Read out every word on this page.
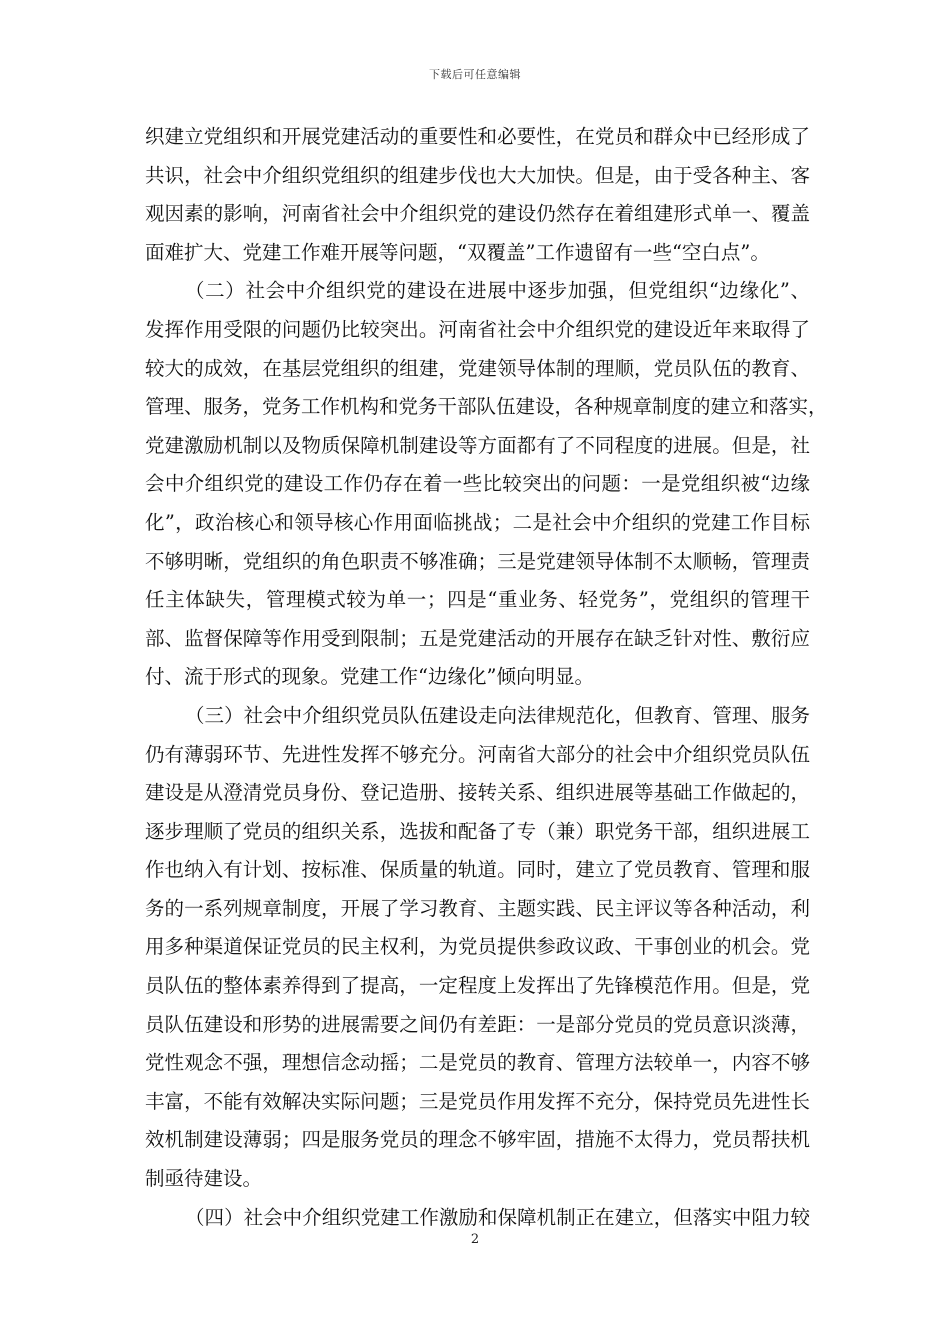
下载后可任意编辑
织建立党组织和开展党建活动的重要性和必要性，在党员和群众中已经形成了
共识，社会中介组织党组织的组建步伐也大大加快。但是，由于受各种主、客
观因素的影响，河南省社会中介组织党的建设仍然存在着组建形式单一、覆盖
面难扩大、党建工作难开展等问题，“双覆盖”工作遗留有一些“空白点”。
（二）社会中介组织党的建设在进展中逐步加强，但党组织“边缘化”、
发挥作用受限的问题仍比较突出。河南省社会中介组织党的建设近年来取得了
较大的成效，在基层党组织的组建，党建领导体制的理顺，党员队伍的教育、
管理、服务，党务工作机构和党务干部队伍建设，各种规章制度的建立和落实，
党建激励机制以及物质保障机制建设等方面都有了不同程度的进展。但是，社
会中介组织党的建设工作仍存在着一些比较突出的问题：一是党组织被“边缘
化”，政治核心和领导核心作用面临挑战；二是社会中介组织的党建工作目标
不够明晰，党组织的角色职责不够准确；三是党建领导体制不太顺畅，管理责
任主体缺失，管理模式较为单一；四是“重业务、轻党务”，党组织的管理干
部、监督保障等作用受到限制；五是党建活动的开展存在缺乏针对性、敷衍应
付、流于形式的现象。党建工作“边缘化”倾向明显。
（三）社会中介组织党员队伍建设走向法律规范化，但教育、管理、服务
仍有薄弱环节、先进性发挥不够充分。河南省大部分的社会中介组织党员队伍
建设是从澄清党员身份、登记造册、接转关系、组织进展等基础工作做起的，
逐步理顺了党员的组织关系，选拔和配备了专（兼）职党务干部，组织进展工
作也纳入有计划、按标准、保质量的轨道。同时，建立了党员教育、管理和服
务的一系列规章制度，开展了学习教育、主题实践、民主评议等各种活动，利
用多种渠道保证党员的民主权利，为党员提供参政议政、干事创业的机会。党
员队伍的整体素养得到了提高，一定程度上发挥出了先锋模范作用。但是，党
员队伍建设和形势的进展需要之间仍有差距：一是部分党员的党员意识淡薄，
党性观念不强，理想信念动摇；二是党员的教育、管理方法较单一，内容不够
丰富，不能有效解决实际问题；三是党员作用发挥不充分，保持党员先进性长
效机制建设薄弱；四是服务党员的理念不够牢固，措施不太得力，党员帮扶机
制亟待建设。
（四）社会中介组织党建工作激励和保障机制正在建立，但落实中阻力较
2
